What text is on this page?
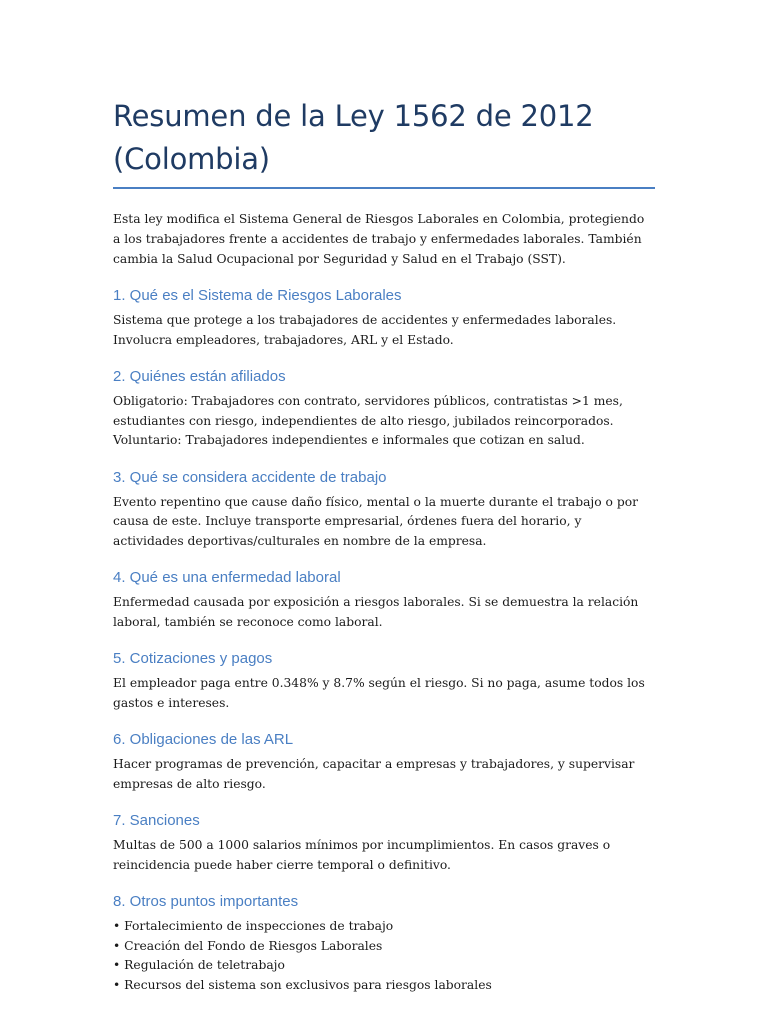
Resumen de la Ley 1562 de 2012 (Colombia)

Esta ley modifica el Sistema General de Riesgos Laborales en Colombia, protegiendo a los trabajadores frente a accidentes de trabajo y enfermedades laborales. También cambia la Salud Ocupacional por Seguridad y Salud en el Trabajo (SST).

1. Qué es el Sistema de Riesgos Laborales

Sistema que protege a los trabajadores de accidentes y enfermedades laborales. Involucra empleadores, trabajadores, ARL y el Estado.

2. Quiénes están afiliados

Obligatorio: Trabajadores con contrato, servidores públicos, contratistas >1 mes, estudiantes con riesgo, independientes de alto riesgo, jubilados reincorporados.
Voluntario: Trabajadores independientes e informales que cotizan en salud.

3. Qué se considera accidente de trabajo

Evento repentino que cause daño físico, mental o la muerte durante el trabajo o por causa de este. Incluye transporte empresarial, órdenes fuera del horario, y actividades deportivas/culturales en nombre de la empresa.

4. Qué es una enfermedad laboral

Enfermedad causada por exposición a riesgos laborales. Si se demuestra la relación laboral, también se reconoce como laboral.

5. Cotizaciones y pagos

El empleador paga entre 0.348% y 8.7% según el riesgo. Si no paga, asume todos los gastos e intereses.

6. Obligaciones de las ARL

Hacer programas de prevención, capacitar a empresas y trabajadores, y supervisar empresas de alto riesgo.

7. Sanciones

Multas de 500 a 1000 salarios mínimos por incumplimientos. En casos graves o reincidencia puede haber cierre temporal o definitivo.

8. Otros puntos importantes
• Fortalecimiento de inspecciones de trabajo
• Creación del Fondo de Riesgos Laborales
• Regulación de teletrabajo
• Recursos del sistema son exclusivos para riesgos laborales
